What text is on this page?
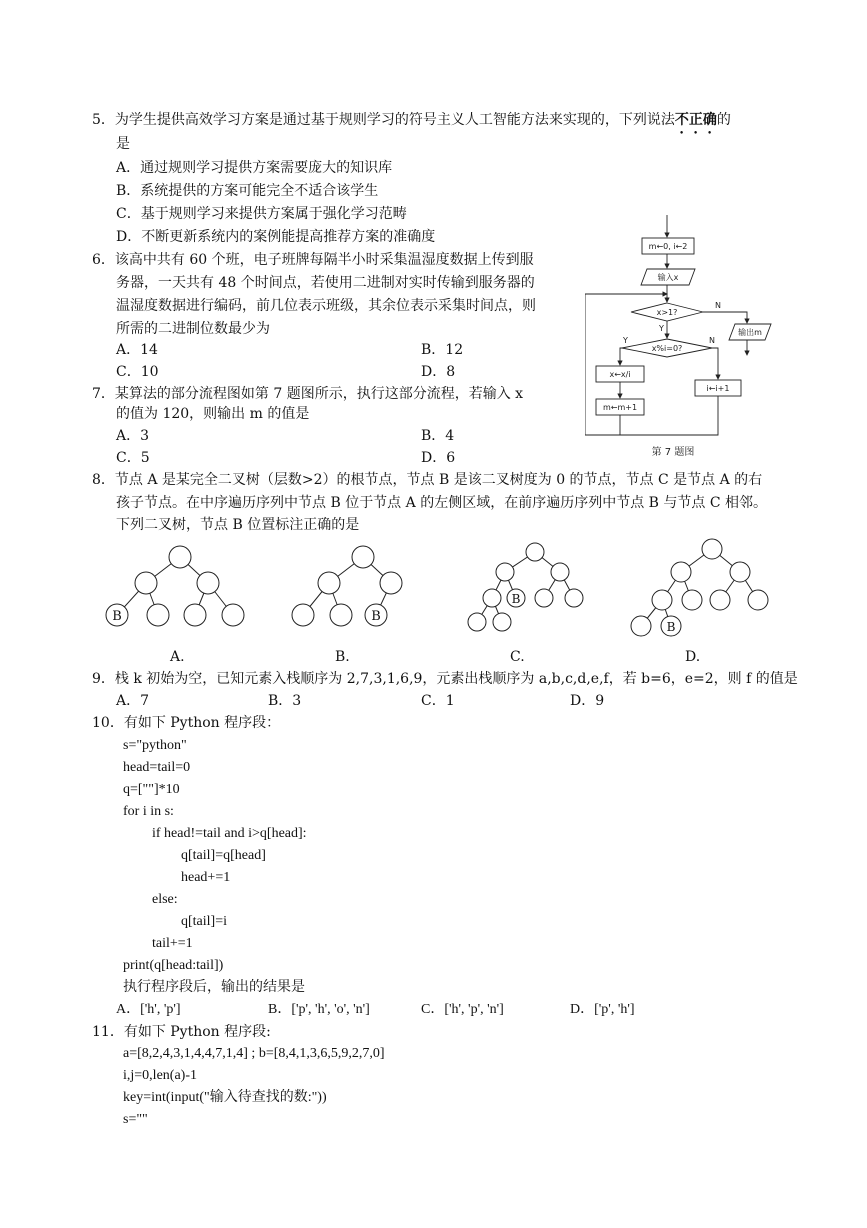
5．为学生提供高效学习方案是通过基于规则学习的符号主义人工智能方法来实现的，下列说法不正确的
是
A．通过规则学习提供方案需要庞大的知识库
B．系统提供的方案可能完全不适合该学生
C．基于规则学习来提供方案属于强化学习范畴
D．不断更新系统内的案例能提高推荐方案的准确度
6．该高中共有 60 个班，电子班牌每隔半小时采集温湿度数据上传到服
务器，一天共有 48 个时间点，若使用二进制对实时传输到服务器的
温湿度数据进行编码，前几位表示班级，其余位表示采集时间点，则
所需的二进制位数最少为
A．14	B．12
C．10	D．8
7．某算法的部分流程图如第 7 题图所示，执行这部分流程，若输入 x
的值为 120，则输出 m 的值是
A．3	B．4
C．5	D．6
m←0, i←2
输入x
x>1?
x%i=0?
x←x/i
m←m+1
i←i+1
输出m
N
Y
Y	N
第 7 题图
8．节点 A 是某完全二叉树（层数>2）的根节点，节点 B 是该二叉树度为 0 的节点，节点 C 是节点 A 的右
孩子节点。在中序遍历序列中节点 B 位于节点 A 的左侧区域，在前序遍历序列中节点 B 与节点 C 相邻。
下列二叉树，节点 B 位置标注正确的是
B
A.
B
B.
B
C.
B
D.
9．栈 k 初始为空，已知元素入栈顺序为 2,7,3,1,6,9，元素出栈顺序为 a,b,c,d,e,f，若 b=6，e=2，则 f 的值是
A．7	B．3	C．1	D．9
10．有如下 Python 程序段：
s="python"
head=tail=0
q=[""]*10
for i in s:
if head!=tail and i>q[head]:
q[tail]=q[head]
head+=1
else:
q[tail]=i
tail+=1
print(q[head:tail])
执行程序段后，输出的结果是
A．['h', 'p']	B．['p', 'h', 'o', 'n']	C．['h', 'p', 'n']	D．['p', 'h']
11．有如下 Python 程序段:
a=[8,2,4,3,1,4,4,7,1,4] ; b=[8,4,1,3,6,5,9,2,7,0]
i,j=0,len(a)-1
key=int(input("输入待查找的数:"))
s=""
